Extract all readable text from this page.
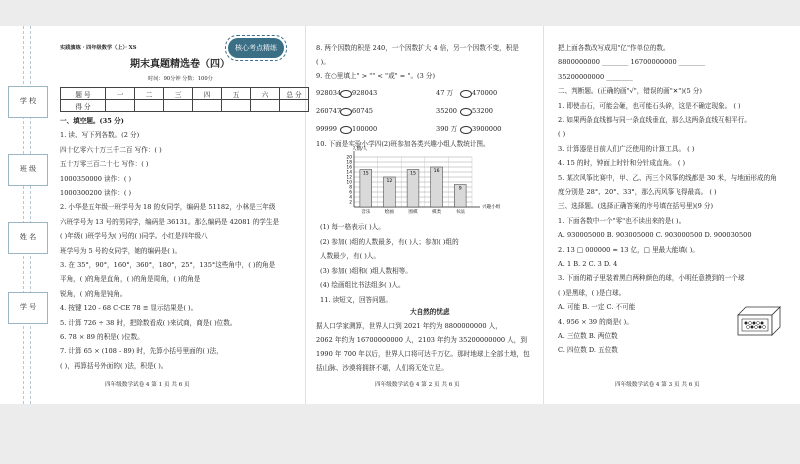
学 校
班 级
姓 名
学 号
实践演练 · 四年级数学（上）· XS
期末真题精选卷（四）
时间：90分钟 分数：100分
核心考点精练
题 号	一	二	三	四	五	六	总 分
得 分							
一、填空题。(35 分)
1. 读、写下列各数。(2 分)
四十亿零六十万三千二百 写作：( )
五十万零三百二十七 写作：( )
1000350000 读作：( )
1000300200 读作：( )
2. 小华是五年级一班学号为 18 的女同学，编码是 51182，小林是三年级
六班学号为 13 号的男同学，编码是 36131。那么编码是 42081 的学生是
( )年级( )班学号为( )号的( )同学。小红是四年级八
班学号为 5 号的女同学，她的编码是( )。
3. 在 35°，90°，160°，360°，180°，25°，135°这些角中，( )的角是
平角，( )的角是直角，( )的角是周角，( )的角是
锐角，( )的角是钝角。
4. 按键 120 - 68 C·CE 78 ≡ 显示结果是( )。
5. 计算 726 ÷ 38 时，把除数看成( )来试商，商是( )位数。
6. 78 × 89 的积是( )位数。
7. 计算 65 × (108 - 89) 时，先算小括号里面的( )法，
( )，再算括号外面的( )法，积是( )。
8. 两个因数的积是 240，一个因数扩大 4 倍，另一个因数不变，积是
( )。
9. 在○里填上" > "" < "或" = "。(3 分)
10. 下面是实验小学四(2)班参加各类兴趣小组人数统计图。
928034 928043	47 万	470000
260747 60745	35200 53200
99999 100000	390 万 3900000
2
4
6
8
10
12
14
16
18
20
人数/人
兴趣小组
15
音乐
12
绘画
15
围棋
16
棋类
9
书法
(1) 每一格表示( )人。
(2) 参加( )组的人数最多，有( )人；参加( )组的
人数最少，有( )人。
(3) 参加( )组和( )组人数相等。
(4) 绘画组比书法组多( )人。
11. 读短文，回答问题。
大自然的忧虑
据人口学家测算，世界人口到 2021 年约为 8800000000 人，
2062 年约为 16700000000 人，2103 年约为 35200000000 人，到
1990 年 700 年以后，世界人口将可达千万亿。那时地球上全部土地，包
括山脉、沙漠将拥挤不堪，人们将无处立足。
把上面各数改写成用"亿"作单位的数。
8800000000 ________ 16700000000 ________
35200000000 ________
二、判断题。(正确的画"√"，错误的画"✕")(5 分)
1. 即使击石，可能会砸，也可能石头碎，这是不确定现象。 ( )
2. 如果两条直线都与同一条直线垂直，那么这两条直线互相平行。
( )
3. 计算器是目前人们广泛使用的计算工具。 ( )
4. 15 的时，钟面上时针和分针成直角。 ( )
5. 某次风筝比赛中，甲、乙、丙三个风筝的线都是 30 米，与地面形成的角
度分别是 28°、20°、33°，那么丙风筝飞得最高。 ( )
三、选择题。(选择正确答案的序号填在括号里)(9 分)
1. 下面各数中一个"零"也不读出来的是( )。
A. 930005000 B. 903005000 C. 903000500 D. 900030500
2. 13 □ 000000 ≈ 13 亿，□ 里最大能填( )。
A. 1 B. 2 C. 3 D. 4
3. 下面的箱子里装着黑白两种颜色的球，小明任意摸到的一个球
( )是黑球，( )是白球。
A. 可能 B. 一定 C. 不可能
4. 956 × 39 的商是( )。
A. 三位数 B. 两位数
C. 四位数 D. 五位数
四年级数学试卷 4 第 1 页 共 6 页	四年级数学试卷 4 第 2 页 共 6 页	四年级数学试卷 4 第 3 页 共 6 页
